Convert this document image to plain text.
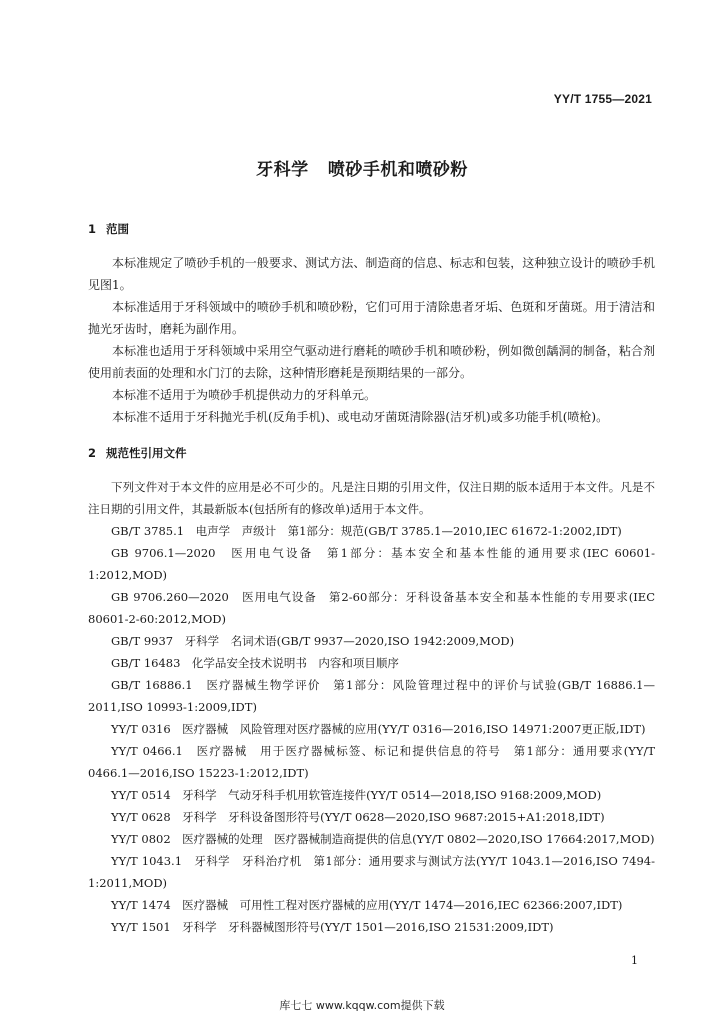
YY/T 1755—2021
牙科学   喷砂手机和喷砂粉
1 范围

本标准规定了喷砂手机的一般要求、测试方法、制造商的信息、标志和包装，这种独立设计的喷砂手机见图1。

本标准适用于牙科领域中的喷砂手机和喷砂粉，它们可用于清除患者牙垢、色斑和牙菌斑。用于清洁和抛光牙齿时，磨耗为副作用。

本标准也适用于牙科领域中采用空气驱动进行磨耗的喷砂手机和喷砂粉，例如微创龋洞的制备，粘合剂使用前表面的处理和水门汀的去除，这种情形磨耗是预期结果的一部分。

本标准不适用于为喷砂手机提供动力的牙科单元。

本标准不适用于牙科抛光手机(反角手机)、或电动牙菌斑清除器(洁牙机)或多功能手机(喷枪)。

2 规范性引用文件

下列文件对于本文件的应用是必不可少的。凡是注日期的引用文件，仅注日期的版本适用于本文件。凡是不注日期的引用文件，其最新版本(包括所有的修改单)适用于本文件。

GB/T 3785.1　电声学　声级计　第1部分：规范(GB/T 3785.1—2010,IEC 61672-1:2002,IDT)

GB 9706.1—2020　医用电气设备　第1部分：基本安全和基本性能的通用要求(IEC 60601-1:2012,MOD)

GB 9706.260—2020　医用电气设备　第2-60部分：牙科设备基本安全和基本性能的专用要求(IEC 80601-2-60:2012,MOD)

GB/T 9937　牙科学　名词术语(GB/T 9937—2020,ISO 1942:2009,MOD)

GB/T 16483　化学品安全技术说明书　内容和项目顺序

GB/T 16886.1　医疗器械生物学评价　第1部分：风险管理过程中的评价与试验(GB/T 16886.1—2011,ISO 10993-1:2009,IDT)

YY/T 0316　医疗器械　风险管理对医疗器械的应用(YY/T 0316—2016,ISO 14971:2007更正版,IDT)

YY/T 0466.1　医疗器械　用于医疗器械标签、标记和提供信息的符号　第1部分：通用要求(YY/T 0466.1—2016,ISO 15223-1:2012,IDT)

YY/T 0514　牙科学　气动牙科手机用软管连接件(YY/T 0514—2018,ISO 9168:2009,MOD)

YY/T 0628　牙科学　牙科设备图形符号(YY/T 0628—2020,ISO 9687:2015+A1:2018,IDT)

YY/T 0802　医疗器械的处理　医疗器械制造商提供的信息(YY/T 0802—2020,ISO 17664:2017,MOD)

YY/T 1043.1　牙科学　牙科治疗机　第1部分：通用要求与测试方法(YY/T 1043.1—2016,ISO 7494-1:2011,MOD)

YY/T 1474　医疗器械　可用性工程对医疗器械的应用(YY/T 1474—2016,IEC 62366:2007,IDT)

YY/T 1501　牙科学　牙科器械图形符号(YY/T 1501—2016,ISO 21531:2009,IDT)

1
库七七 www.kqqw.com提供下载
